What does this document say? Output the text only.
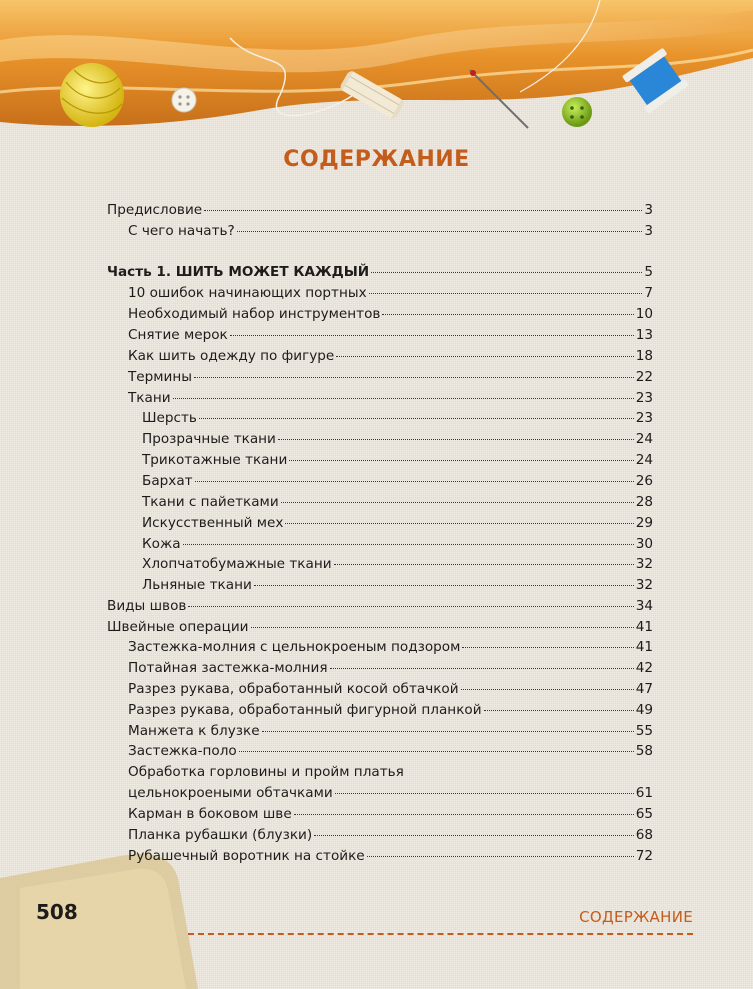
СОДЕРЖАНИЕ
Предисловие	3
С чего начать?	3
Часть 1. ШИТЬ МОЖЕТ КАЖДЫЙ	5
10 ошибок начинающих портных	7
Необходимый набор инструментов	10
Снятие мерок	13
Как шить одежду по фигуре	18
Термины	22
Ткани	23
Шерсть	23
Прозрачные ткани	24
Трикотажные ткани	24
Бархат	26
Ткани с пайетками	28
Искусственный мех	29
Кожа	30
Хлопчатобумажные ткани	32
Льняные ткани	32
Виды швов	34
Швейные операции	41
Застежка-молния с цельнокроеным подзором	41
Потайная застежка-молния	42
Разрез рукава, обработанный косой обтачкой	47
Разрез рукава, обработанный фигурной планкой	49
Манжета к блузке	55
Застежка-поло	58
Обработка горловины и пройм платья
цельнокроеными обтачками	61
Карман в боковом шве	65
Планка рубашки (блузки)	68
Рубашечный воротник на стойке	72
508	СОДЕРЖАНИЕ
